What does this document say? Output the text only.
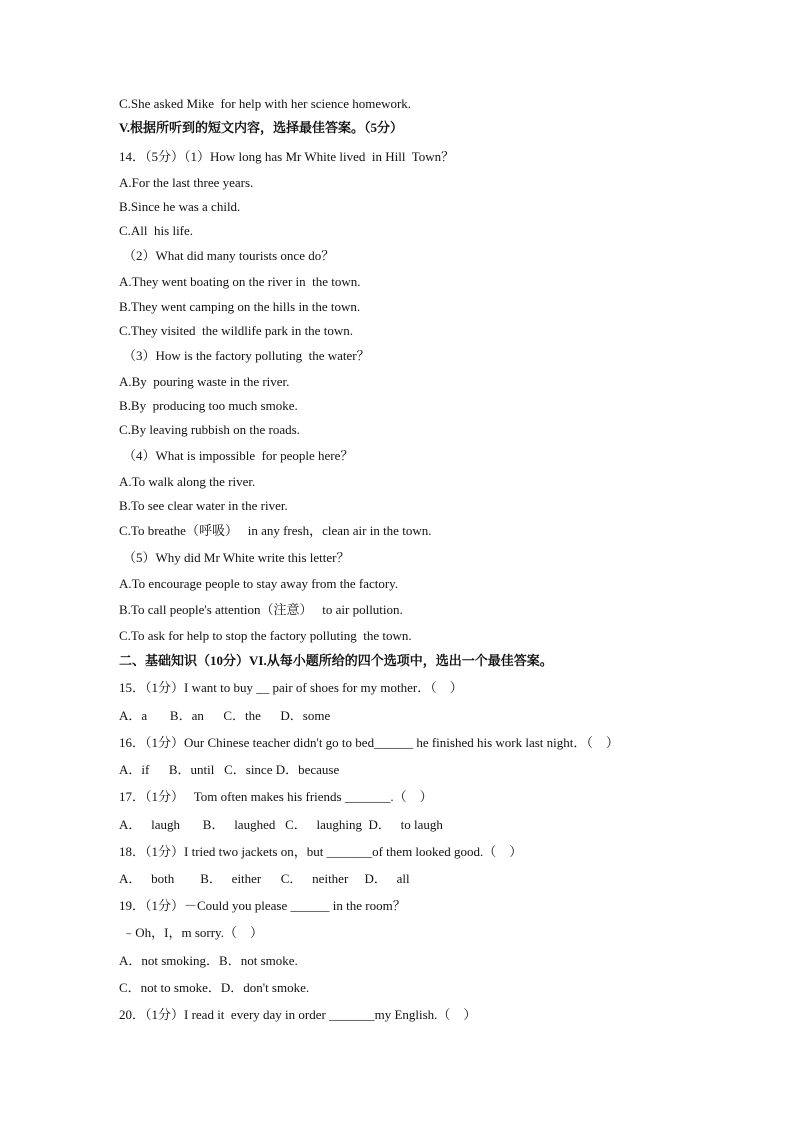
C.She asked Mike  for help with her science homework.
V.根据所听到的短文内容，选择最佳答案。（5分）
14．（5分）（1）How long has Mr White lived  in Hill  Town？
A.For the last three years.
B.Since he was a child.
C.All  his life.
（2）What did many tourists once do？
A.They went boating on the river in  the town.
B.They went camping on the hills in the town.
C.They visited  the wildlife park in the town.
（3）How is the factory polluting  the water？
A.By  pouring waste in the river.
B.By  producing too much smoke.
C.By leaving rubbish on the roads.
（4）What is impossible  for people here？
A.To walk along the river.
B.To see clear water in the river.
C.To breathe（呼吸）   in any fresh，clean air in the town.
（5）Why did Mr White write this letter？
A.To encourage people to stay away from the factory.
B.To call people's attention（注意）   to air pollution.
C.To ask for help to stop the factory polluting  the town.
二、基础知识（10分）VI.从每小题所给的四个选项中，选出一个最佳答案。
15．（1分）I want to buy __ pair of shoes for my mother．（    ）
A．a       B．an      C．the      D．some
16．（1分）Our Chinese teacher didn't go to bed______ he finished his work last night．（    ）
A．if      B．until   C．since D．because
17．（1分）   Tom often makes his friends _______.（    ）
A．   laugh       B．   laughed   C．   laughing  D．   to laugh
18．（1分）I tried two jackets on，but _______of them looked good.（    ）
A．   both        B．   either      C．   neither     D．   all
19．（1分）－Could you please ______ in the room？
﹣Oh，I，m sorry.（    ）
A．not smoking．B．not smoke.
C．not to smoke．D．don't smoke.
20．（1分）I read it  every day in order _______my English.（    ）
